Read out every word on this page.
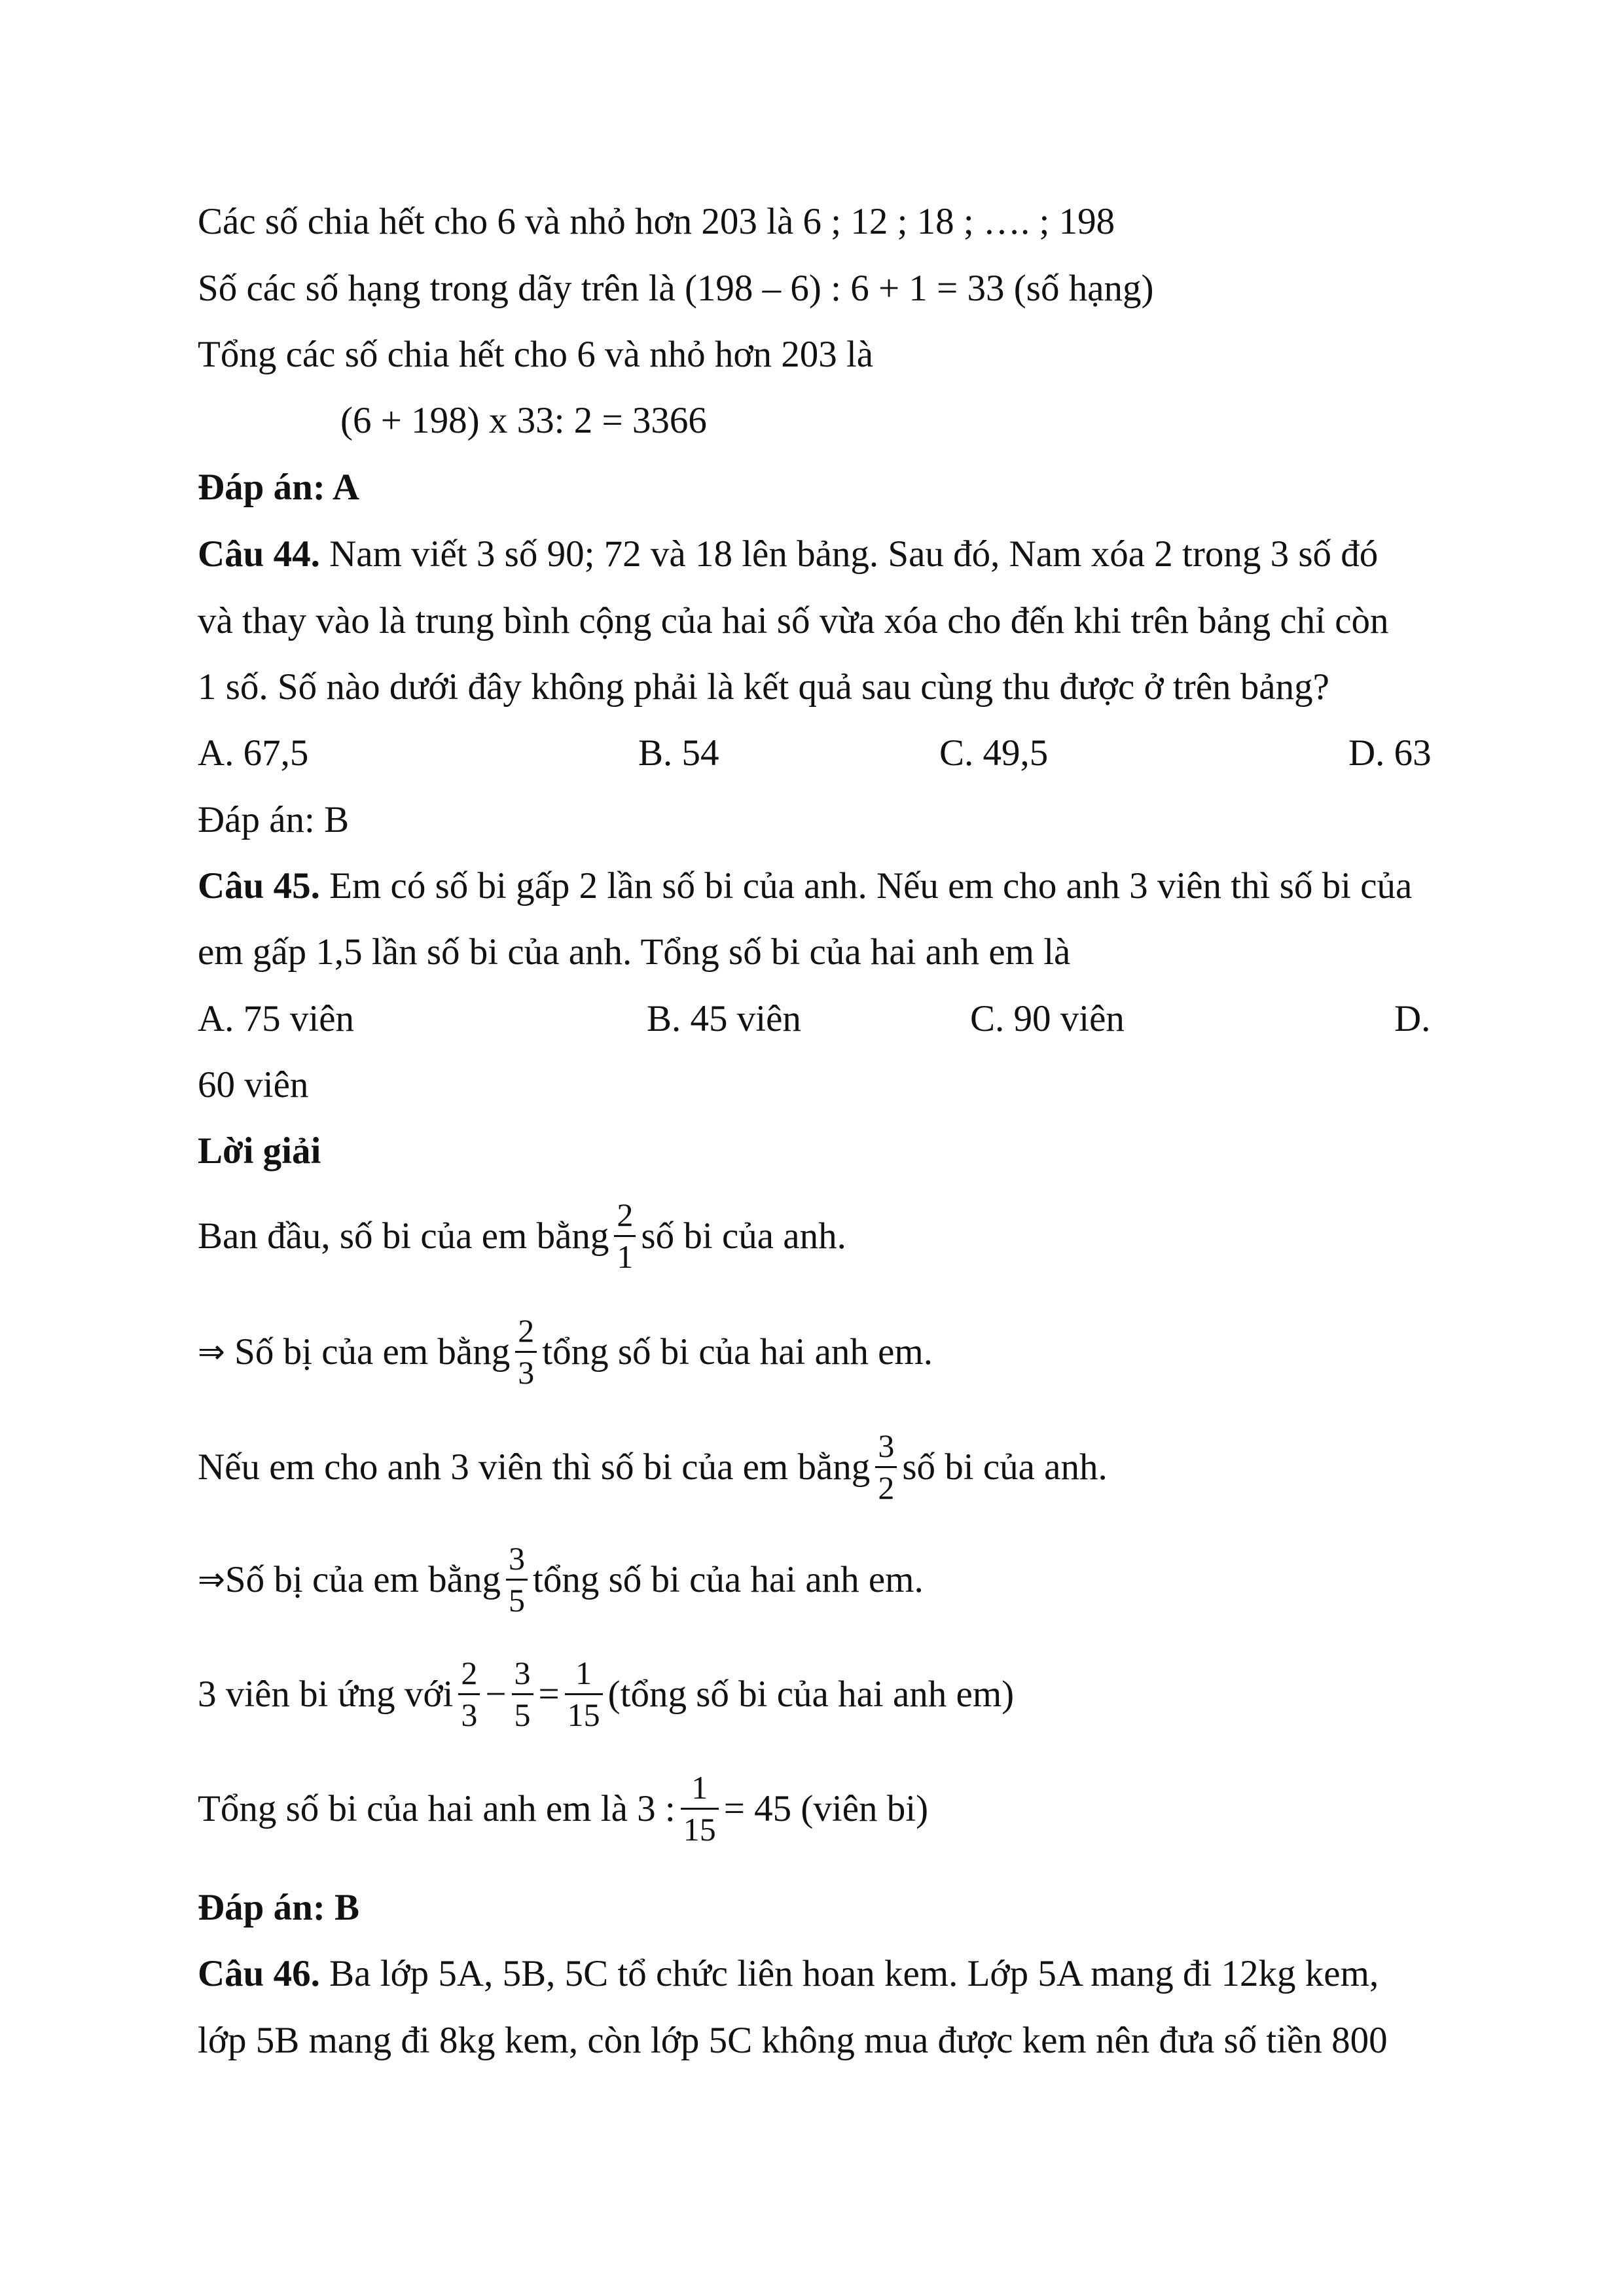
Các số chia hết cho 6 và nhỏ hơn 203 là 6 ; 12 ; 18 ; …. ; 198
Số các số hạng trong dãy trên là (198 – 6) : 6 + 1 = 33 (số hạng)
Tổng các số chia hết cho 6 và nhỏ hơn 203 là
(6 + 198) x 33: 2 = 3366
Đáp án: A
Câu 44. Nam viết 3 số 90; 72 và 18 lên bảng. Sau đó, Nam xóa 2 trong 3 số đó
và thay vào là trung bình cộng của hai số vừa xóa cho đến khi trên bảng chỉ còn
1 số. Số nào dưới đây không phải là kết quả sau cùng thu được ở trên bảng?
A. 67,5	B. 54	C. 49,5	D. 63
Đáp án: B
Câu 45. Em có số bi gấp 2 lần số bi của anh. Nếu em cho anh 3 viên thì số bi của
em gấp 1,5 lần số bi của anh. Tổng số bi của hai anh em là
A. 75 viên	B. 45 viên	C. 90 viên	D.
60 viên
Lời giải
Ban đầu, số bi của em bằng $\frac{2}{1}$ số bi của anh.
⇒
Số bị của em bằng $\frac{2}{3}$ tổng số bi của hai anh em.
Nếu em cho anh 3 viên thì số bi của em bằng $\frac{3}{2}$ số bi của anh.
⇒ Số bị của em bằng $\frac{3}{5}$ tổng số bi của hai anh em.
3 viên bi ứng với $\frac{2}{3} - \frac{3}{5} = \frac{1}{15}$ (tổng số bi của hai anh em)
Tổng số bi của hai anh em là
3 : $\frac{1}{15} = 45$
(viên bi)
Đáp án: B
Câu 46. Ba lớp 5A, 5B, 5C tổ chức liên hoan kem. Lớp 5A mang đi 12kg kem,
lớp 5B mang đi 8kg kem, còn lớp 5C không mua được kem nên đưa số tiền 800
